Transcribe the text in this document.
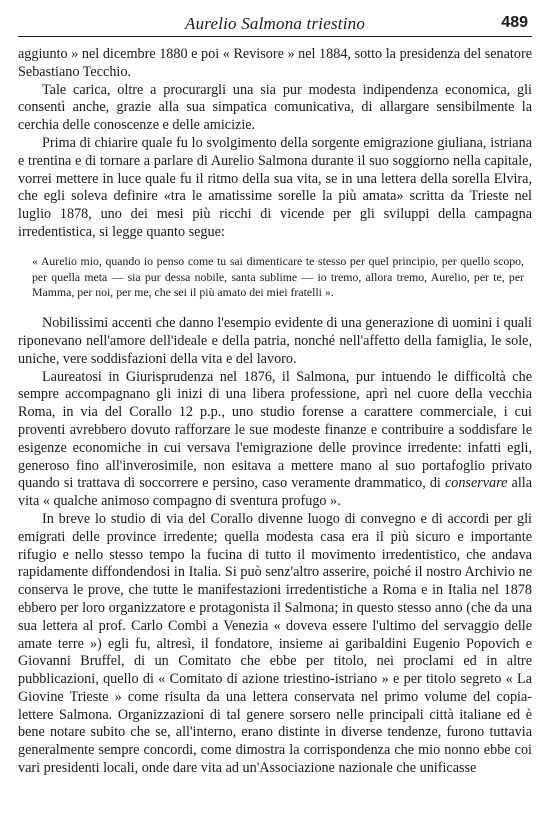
Aurelio Salmona triestino	489

aggiunto » nel dicembre 1880 e poi « Revisore » nel 1884, sotto la presidenza del senatore Sebastiano Tecchio.

Tale carica, oltre a procurargli una sia pur modesta indipendenza economica, gli consentì anche, grazie alla sua simpatica comunicativa, di allargare sensibilmente la cerchia delle conoscenze e delle amicizie.

Prima di chiarire quale fu lo svolgimento della sorgente emigrazione giuliana, istriana e trentina e di tornare a parlare di Aurelio Salmona durante il suo soggiorno nella capitale, vorrei mettere in luce quale fu il ritmo della sua vita, se in una lettera della sorella Elvira, che egli soleva definire «tra le amatissime sorelle la più amata» scritta da Trieste nel luglio 1878, uno dei mesi più ricchi di vicende per gli sviluppi della campagna irredentistica, si legge quanto segue:

« Aurelio mio, quando io penso come tu sai dimenticare te stesso per quel principio, per quello scopo, per quella meta — sia pur dessa nobile, santa sublime — io tremo, allora tremo, Aurelio, per te, per Mamma, per noi, per me, che sei il più amato dei miei fratelli ».

Nobilissimi accenti che danno l'esempio evidente di una generazione di uomini i quali riponevano nell'amore dell'ideale e della patria, nonché nell'affetto della famiglia, le sole, uniche, vere soddisfazioni della vita e del lavoro.

Laureatosi in Giurisprudenza nel 1876, il Salmona, pur intuendo le difficoltà che sempre accompagnano gli inizi di una libera professione, aprì nel cuore della vecchia Roma, in via del Corallo 12 p.p., uno studio forense a carattere commerciale, i cui proventi avrebbero dovuto rafforzare le sue modeste finanze e contribuire a soddisfare le esigenze economiche in cui versava l'emigrazione delle province irredente: infatti egli, generoso fino all'inverosimile, non esitava a mettere mano al suo portafoglio privato quando si trattava di soccorrere e persino, caso veramente drammatico, di conservare alla vita « qualche animoso compagno di sventura profugo ».

In breve lo studio di via del Corallo divenne luogo di convegno e di accordi per gli emigrati delle province irredente; quella modesta casa era il più sicuro e importante rifugio e nello stesso tempo la fucina di tutto il movimento irredentistico, che andava rapidamente diffondendosi in Italia. Si può senz'altro asserire, poiché il nostro Archivio ne conserva le prove, che tutte le manifestazioni irredentistiche a Roma e in Italia nel 1878 ebbero per loro organizzatore e protagonista il Salmona; in questo stesso anno (che da una sua lettera al prof. Carlo Combi a Venezia « doveva essere l'ultimo del servaggio delle amate terre ») egli fu, altresì, il fondatore, insieme ai garibaldini Eugenio Popovich e Giovanni Bruffel, di un Comitato che ebbe per titolo, nei proclami ed in altre pubblicazioni, quello di « Comitato di azione triestino-istriano » e per titolo segreto « La Giovine Trieste » come risulta da una lettera conservata nel primo volume del copia-lettere Salmona. Organizzazioni di tal genere sorsero nelle principali città italiane ed è bene notare subito che se, all'interno, erano distinte in diverse tendenze, furono tuttavia generalmente sempre concordi, come dimostra la corrispondenza che mio nonno ebbe coi vari presidenti locali, onde dare vita ad un'Associazione nazionale che unificasse
